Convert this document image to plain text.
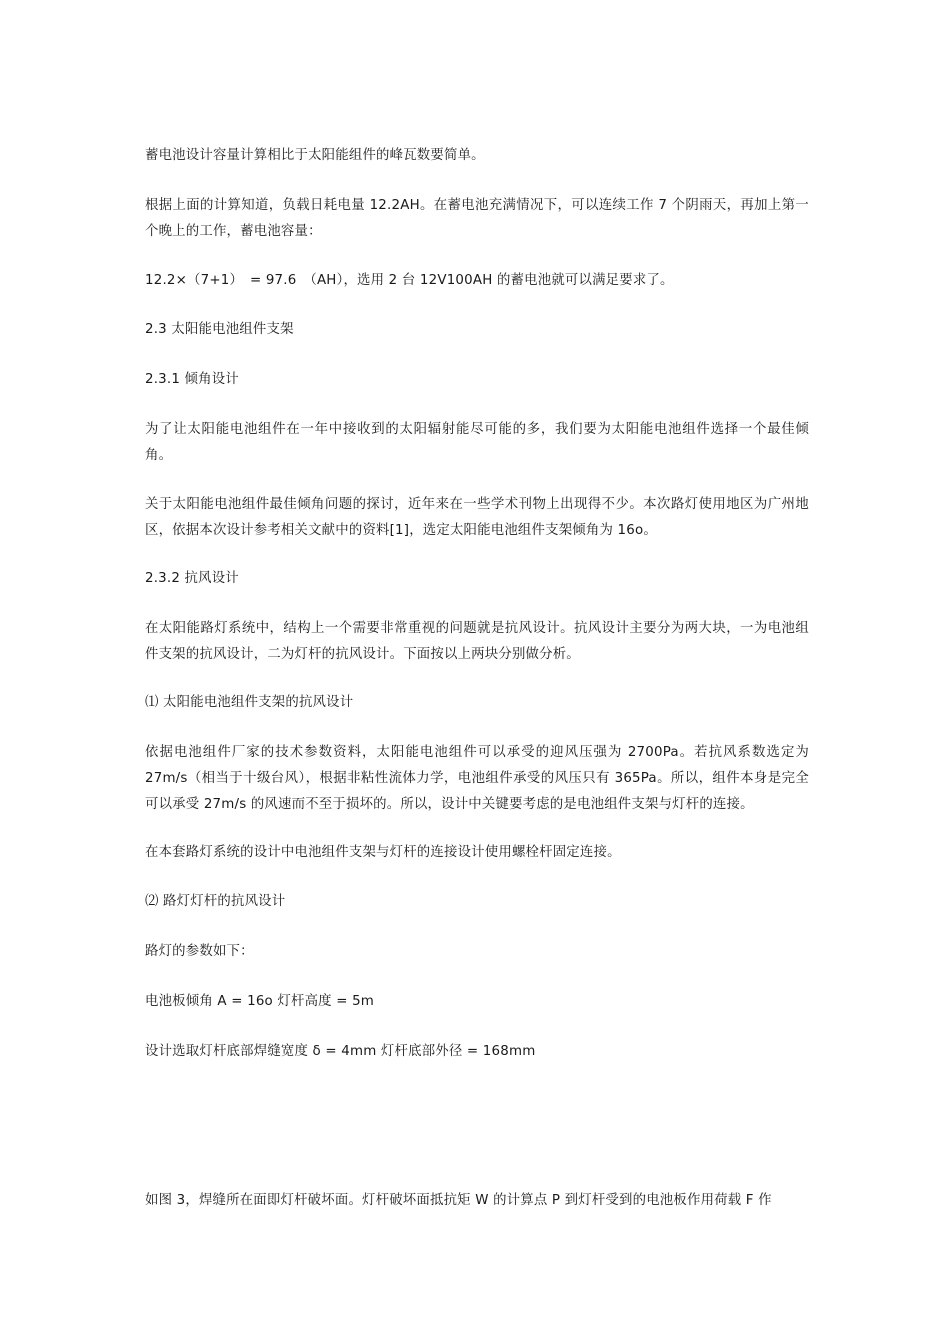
蓄电池设计容量计算相比于太阳能组件的峰瓦数要简单。

根据上面的计算知道，负载日耗电量 12.2AH。在蓄电池充满情况下，可以连续工作 7 个阴雨天，再加上第一个晚上的工作，蓄电池容量：

12.2×（7+1）　= 97.6　（AH），选用 2 台 12V100AH 的蓄电池就可以满足要求了。

2.3 太阳能电池组件支架

2.3.1 倾角设计

为了让太阳能电池组件在一年中接收到的太阳辐射能尽可能的多，我们要为太阳能电池组件选择一个最佳倾角。

关于太阳能电池组件最佳倾角问题的探讨，近年来在一些学术刊物上出现得不少。本次路灯使用地区为广州地区，依据本次设计参考相关文献中的资料[1]，选定太阳能电池组件支架倾角为 16o。

2.3.2 抗风设计

在太阳能路灯系统中，结构上一个需要非常重视的问题就是抗风设计。抗风设计主要分为两大块，一为电池组件支架的抗风设计，二为灯杆的抗风设计。下面按以上两块分别做分析。

⑴ 太阳能电池组件支架的抗风设计

依据电池组件厂家的技术参数资料，太阳能电池组件可以承受的迎风压强为 2700Pa。若抗风系数选定为 27m/s（相当于十级台风），根据非粘性流体力学，电池组件承受的风压只有 365Pa。所以，组件本身是完全可以承受 27m/s 的风速而不至于损坏的。所以，设计中关键要考虑的是电池组件支架与灯杆的连接。

在本套路灯系统的设计中电池组件支架与灯杆的连接设计使用螺栓杆固定连接。

⑵ 路灯灯杆的抗风设计

路灯的参数如下：

电池板倾角 A = 16o 灯杆高度 = 5m

设计选取灯杆底部焊缝宽度 δ = 4mm 灯杆底部外径 = 168mm

如图 3，焊缝所在面即灯杆破坏面。灯杆破坏面抵抗矩 W 的计算点 P 到灯杆受到的电池板作用荷载 F 作
